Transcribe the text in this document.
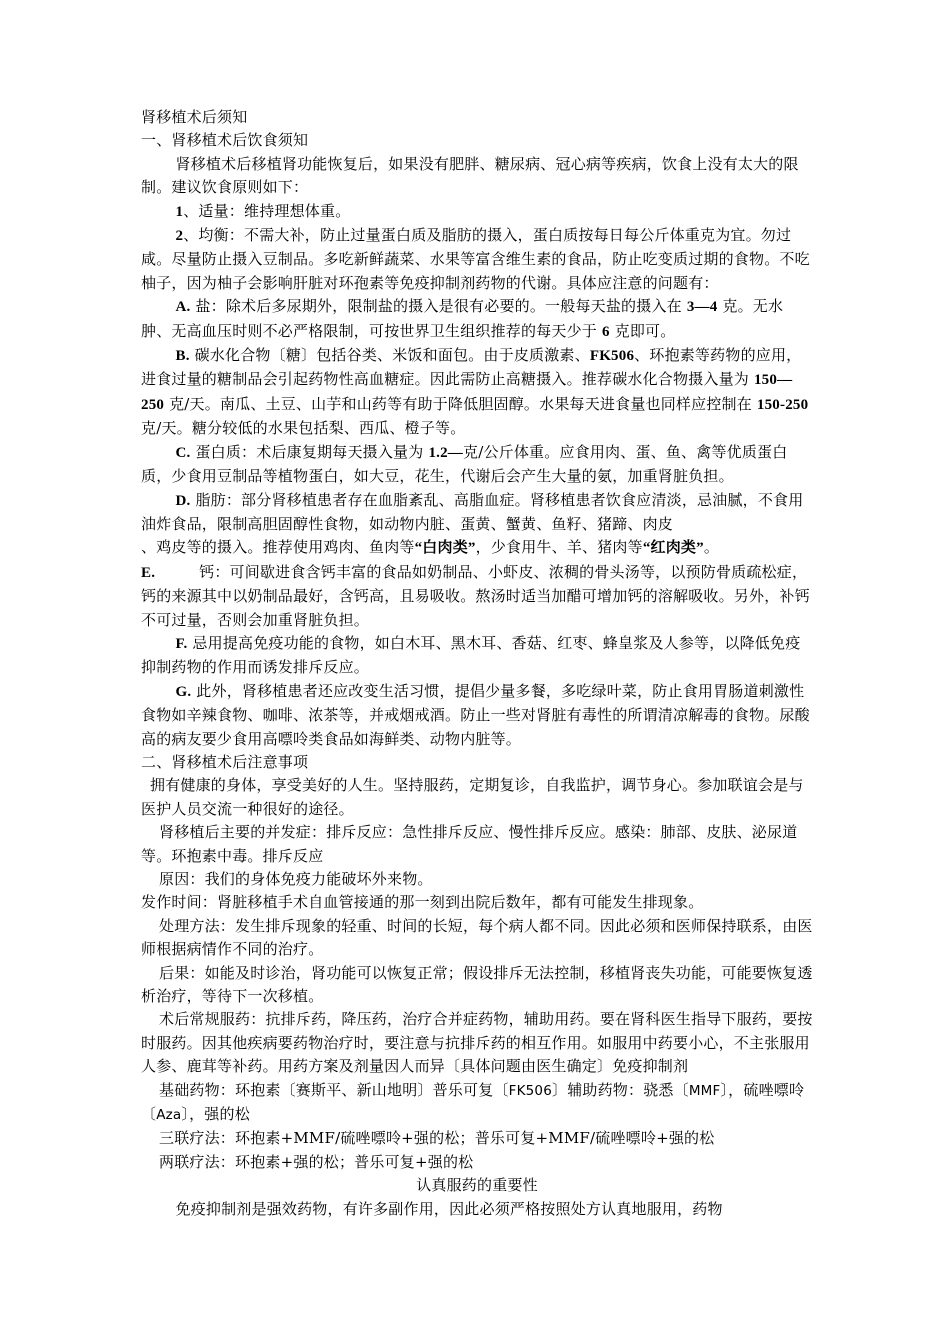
肾移植术后须知

一、肾移植术后饮食须知

肾移植术后移植肾功能恢复后，如果没有肥胖、糖尿病、冠心病等疾病，饮食上没有太大的限制。建议饮食原则如下：

1、适量：维持理想体重。

2、均衡：不需大补，防止过量蛋白质及脂肪的摄入，蛋白质按每日每公斤体重克为宜。勿过咸。尽量防止摄入豆制品。多吃新鲜蔬菜、水果等富含维生素的食品，防止吃变质过期的食物。不吃柚子，因为柚子会影响肝脏对环孢素等免疫抑制剂药物的代谢。具体应注意的问题有：

A. 盐：除术后多尿期外，限制盐的摄入是很有必要的。一般每天盐的摄入在 3—4 克。无水肿、无高血压时则不必严格限制，可按世界卫生组织推荐的每天少于 6 克即可。

B. 碳水化合物〔糖〕包括谷类、米饭和面包。由于皮质激素、FK506、环抱素等药物的应用，进食过量的糖制品会引起药物性高血糖症。因此需防止高糖摄入。推荐碳水化合物摄入量为 150—250 克/天。南瓜、土豆、山芋和山药等有助于降低胆固醇。水果每天进食量也同样应控制在 150-250 克/天。糖分较低的水果包括梨、西瓜、橙子等。

C. 蛋白质：术后康复期每天摄入量为 1.2—克/公斤体重。应食用肉、蛋、鱼、禽等优质蛋白质，少食用豆制品等植物蛋白，如大豆，花生，代谢后会产生大量的氨，加重肾脏负担。

D. 脂肪：部分肾移植患者存在血脂紊乱、高脂血症。肾移植患者饮食应清淡，忌油腻，不食用油炸食品，限制高胆固醇性食物，如动物内脏、蛋黄、蟹黄、鱼籽、猪蹄、肉皮

、鸡皮等的摄入。推荐使用鸡肉、鱼肉等“白肉类”，少食用牛、羊、猪肉等“红肉类”。

E.	钙：可间歇进食含钙丰富的食品如奶制品、小虾皮、浓稠的骨头汤等，以预防骨质疏松症，钙的来源其中以奶制品最好，含钙高，且易吸收。熬汤时适当加醋可增加钙的溶解吸收。另外，补钙不可过量，否则会加重肾脏负担。

F. 忌用提高免疫功能的食物，如白木耳、黑木耳、香菇、红枣、蜂皇浆及人参等，以降低免疫抑制药物的作用而诱发排斥反应。

G. 此外，肾移植患者还应改变生活习惯，提倡少量多餐，多吃绿叶菜，防止食用胃肠道刺激性食物如辛辣食物、咖啡、浓茶等，并戒烟戒酒。防止一些对肾脏有毒性的所谓清凉解毒的食物。尿酸高的病友要少食用高嘌呤类食品如海鲜类、动物内脏等。

二、肾移植术后注意事项

拥有健康的身体，享受美好的人生。坚持服药，定期复诊，自我监护，调节身心。参加联谊会是与医护人员交流一种很好的途径。

肾移植后主要的并发症：排斥反应：急性排斥反应、慢性排斥反应。感染：肺部、皮肤、泌尿道等。环抱素中毒。排斥反应

原因：我们的身体免疫力能破坏外来物。

发作时间：肾脏移植手术自血管接通的那一刻到出院后数年，都有可能发生排现象。

处理方法：发生排斥现象的轻重、时间的长短，每个病人都不同。因此必须和医师保持联系，由医师根据病情作不同的治疗。

后果：如能及时诊治，肾功能可以恢复正常；假设排斥无法控制，移植肾丧失功能，可能要恢复透析治疗，等待下一次移植。

术后常规服药：抗排斥药，降压药，治疗合并症药物，辅助用药。要在肾科医生指导下服药，要按时服药。因其他疾病要药物治疗时，要注意与抗排斥药的相互作用。如服用中药要小心，不主张服用人参、鹿茸等补药。用药方案及剂量因人而异〔具体问题由医生确定〕免疫抑制剂

基础药物：环抱素〔赛斯平、新山地明〕普乐可复〔FK506〕辅助药物：骁悉〔MMF〕，硫唑嘌呤〔Aza〕，强的松

三联疗法：环抱素+MMF/硫唑嘌呤+强的松；普乐可复+MMF/硫唑嘌呤+强的松

两联疗法：环抱素+强的松；普乐可复+强的松

认真服药的重要性

免疫抑制剂是强效药物，有许多副作用，因此必须严格按照处方认真地服用，药物
